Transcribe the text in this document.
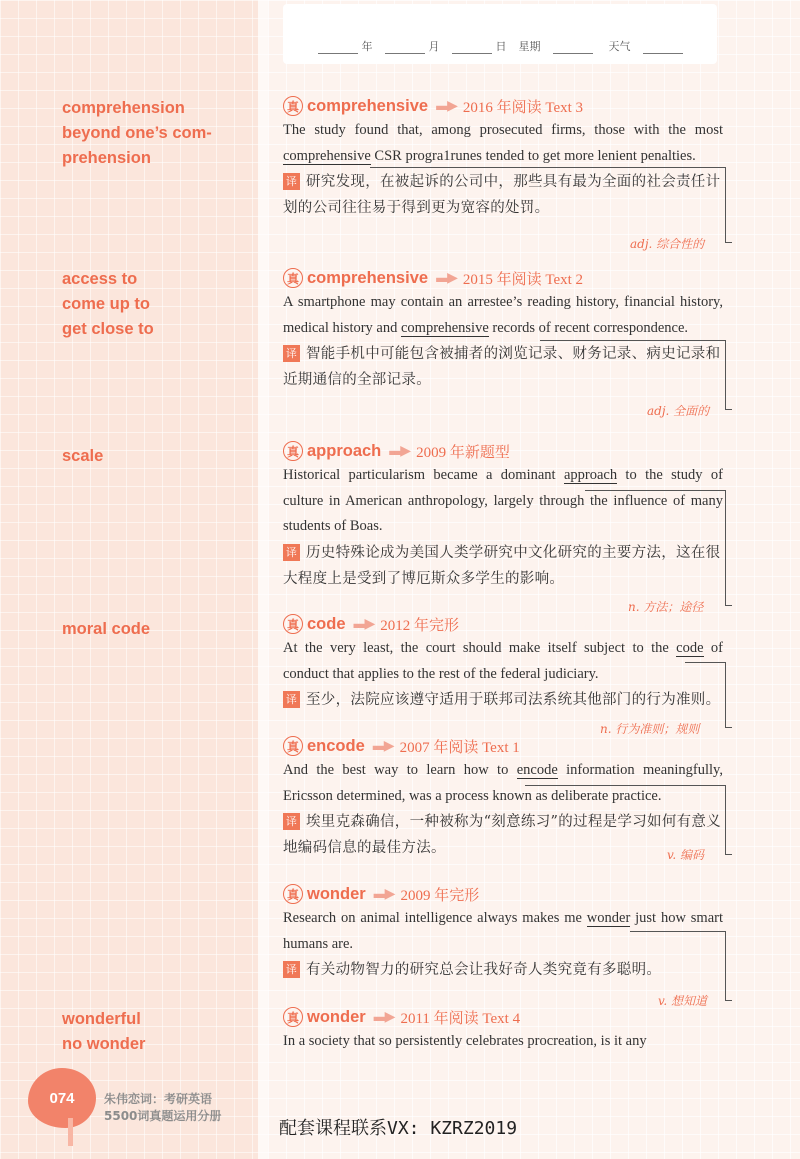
年	月	日 星期	天气
comprehension
beyond one’s com-
prehension
access to
come up to
get close to
scale
moral code
wonderful
no wonder
真 comprehensive ▬▶ 2016 年阅读 Text 3

The study found that, among prosecuted firms, those with the most comprehensive CSR progra1runes tended to get more lenient penalties.

译 研究发现，在被起诉的公司中，那些具有最为全面的社会责任计划的公司往往易于得到更为宽容的处罚。

adj. 综合性的
真 comprehensive ▬▶ 2015 年阅读 Text 2

A smartphone may contain an arrestee’s reading history, financial history, medical history and comprehensive records of recent correspondence.

译 智能手机中可能包含被捕者的浏览记录、财务记录、病史记录和近期通信的全部记录。

adj. 全面的
真 approach ▬▶ 2009 年新题型

Historical particularism became a dominant approach to the study of culture in American anthropology, largely through the influence of many students of Boas.

译 历史特殊论成为美国人类学研究中文化研究的主要方法，这在很大程度上是受到了博厄斯众多学生的影响。

n. 方法；途径
真 code ▬▶ 2012 年完形

At the very least, the court should make itself subject to the code of conduct that applies to the rest of the federal judiciary.

译 至少，法院应该遵守适用于联邦司法系统其他部门的行为准则。

n. 行为准则；规则
真 encode ▬▶ 2007 年阅读 Text 1

And the best way to learn how to encode information meaningfully, Ericsson determined, was a process known as deliberate practice.

译 埃里克森确信，一种被称为“刻意练习”的过程是学习如何有意义地编码信息的最佳方法。	v. 编码
真 wonder ▬▶ 2009 年完形

Research on animal intelligence always makes me wonder just how smart humans are.

译 有关动物智力的研究总会让我好奇人类究竟有多聪明。

v. 想知道
真 wonder ▬▶ 2011 年阅读 Text 4

In a society that so persistently celebrates procreation, is it any

074 朱伟恋词：考研英语
5500词真题运用分册
配套课程联系VX: KZRZ2019
